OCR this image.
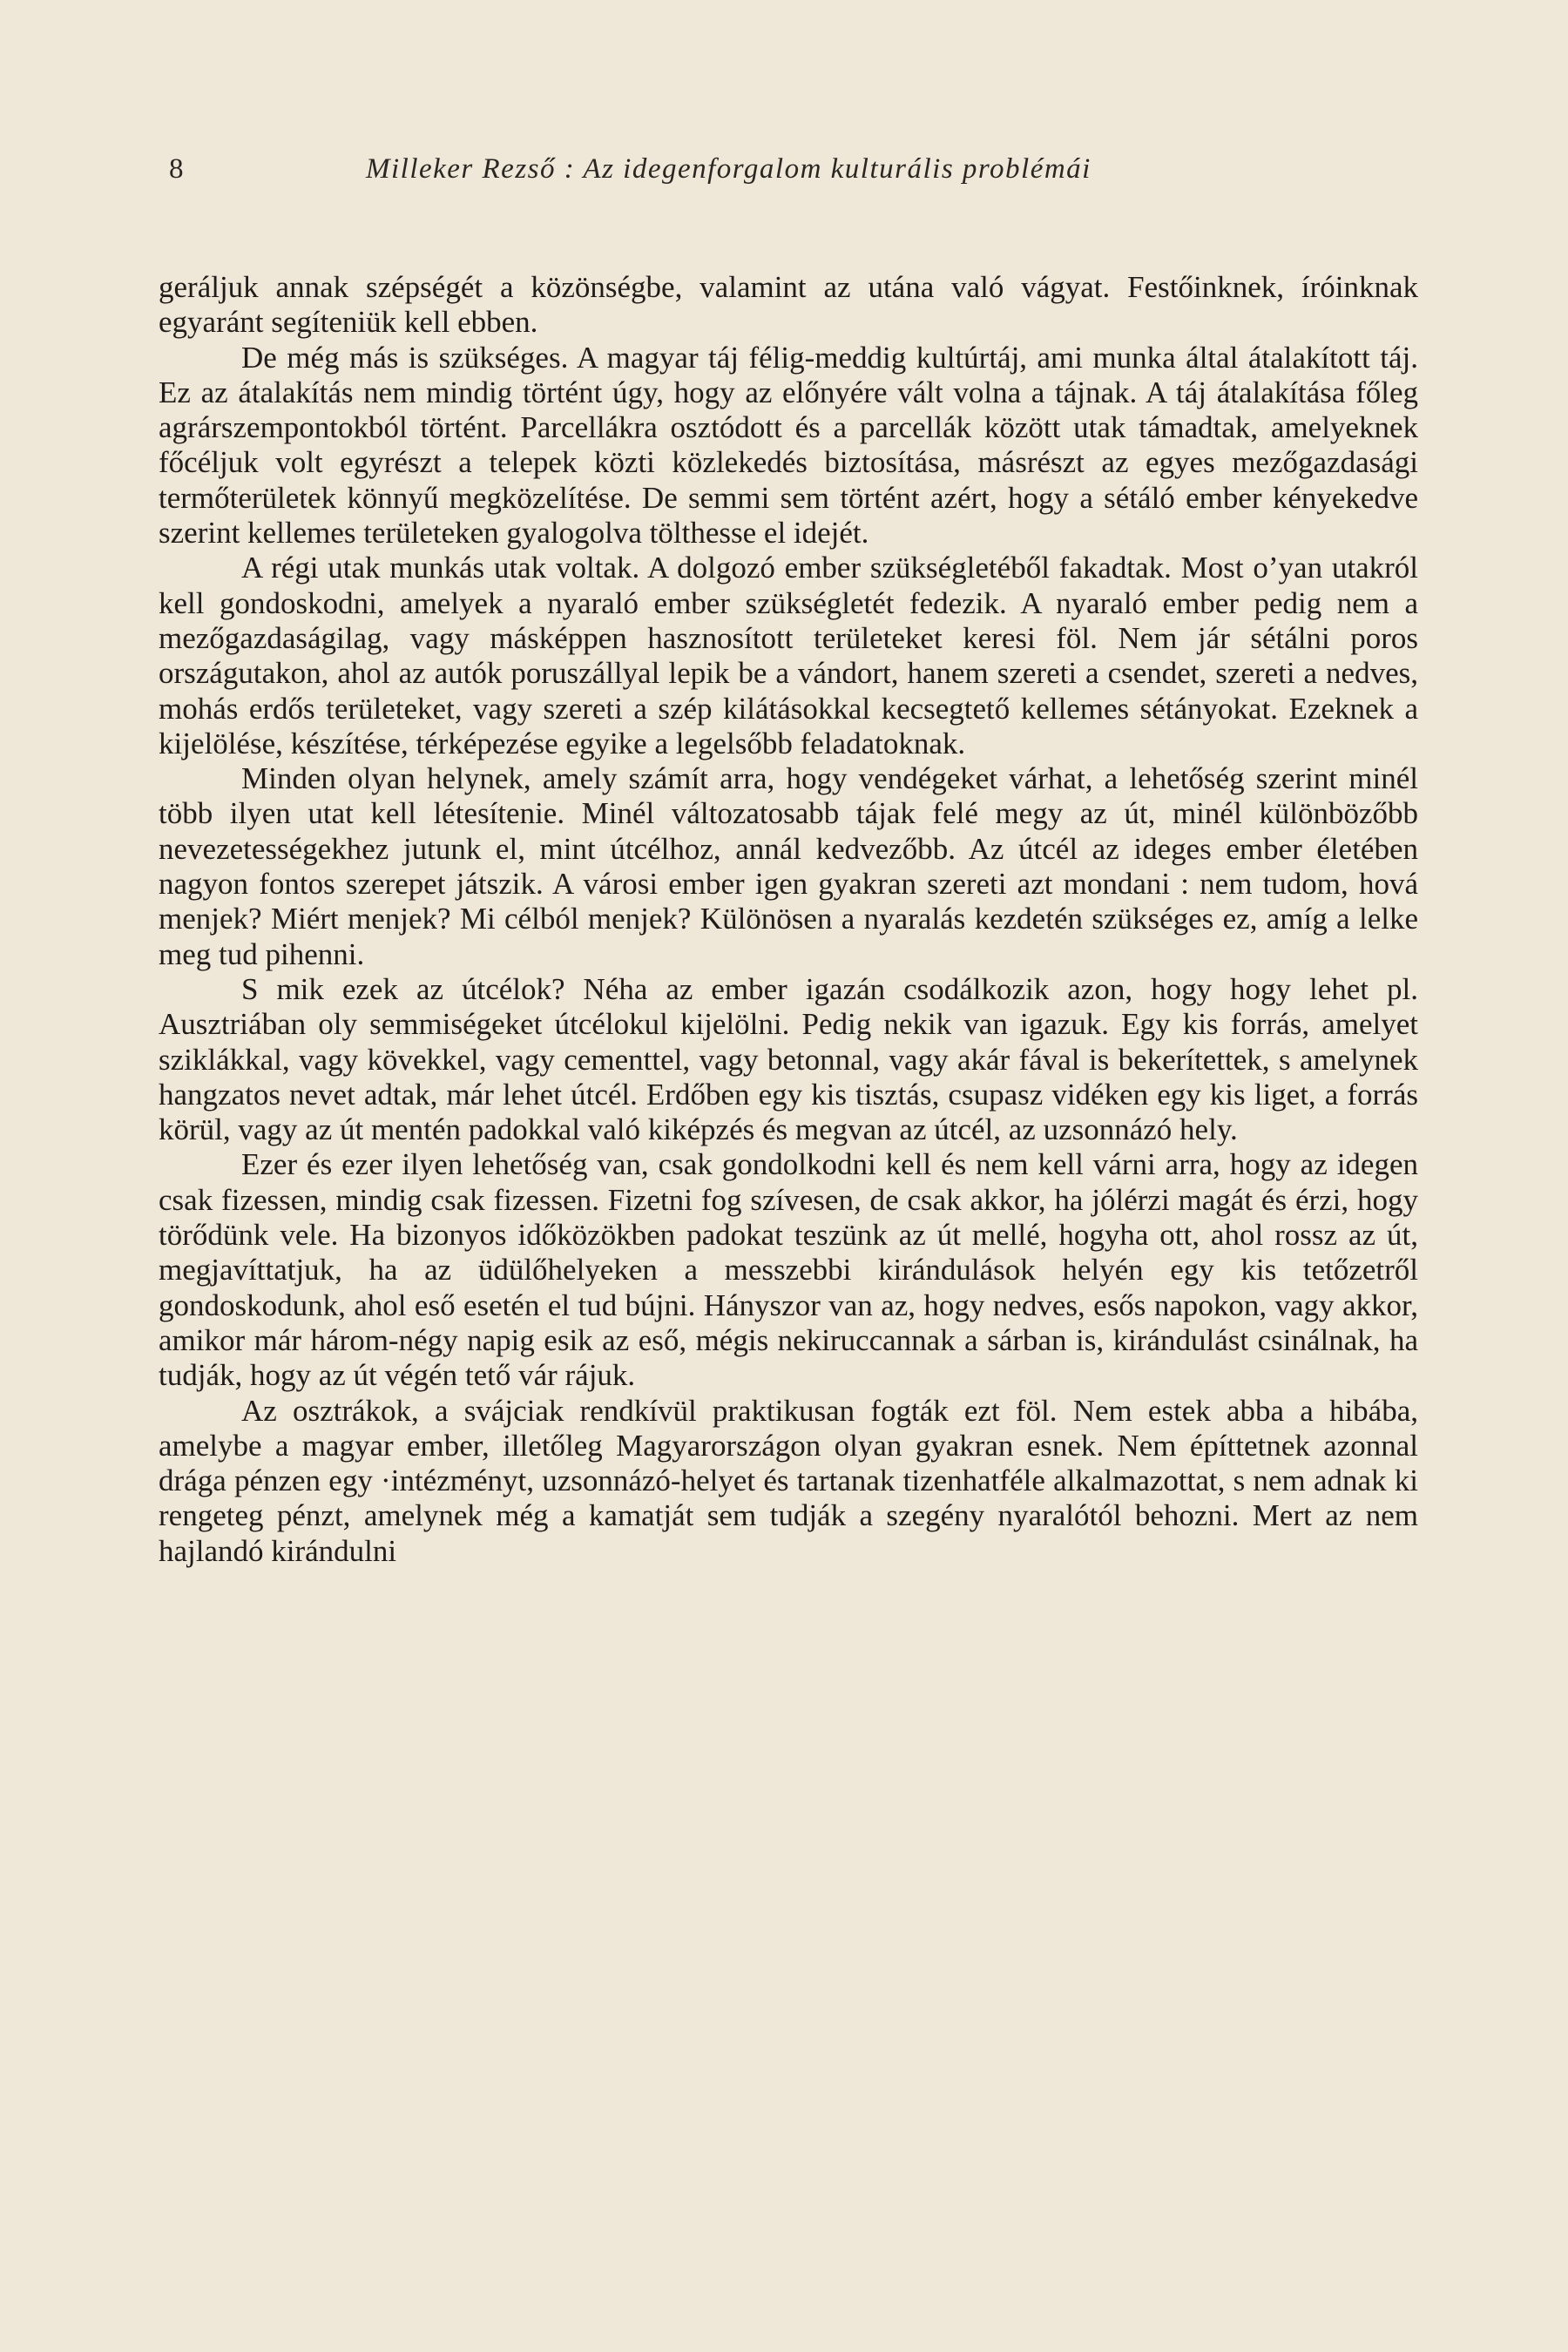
8	Milleker Rezső : Az idegenforgalom kulturális problémái

geráljuk annak szépségét a közönségbe, valamint az utána való vágyat. Festőinknek, íróinknak egyaránt segíteniük kell ebben.

De még más is szükséges. A magyar táj félig-meddig kultúrtáj, ami munka által átalakított táj. Ez az átalakítás nem mindig történt úgy, hogy az előnyére vált volna a tájnak. A táj átalakítása főleg agrárszempontokból történt. Parcellákra osztódott és a parcellák között utak támadtak, amelyeknek főcéljuk volt egyrészt a telepek közti közlekedés biztosítása, másrészt az egyes mezőgazdasági termőterületek könnyű megközelítése. De semmi sem történt azért, hogy a sétáló ember kényekedve szerint kellemes területeken gyalogolva tölthesse el idejét.

A régi utak munkás utak voltak. A dolgozó ember szükségletéből fakadtak. Most o’yan utakról kell gondoskodni, amelyek a nyaraló ember szükségletét fedezik. A nyaraló ember pedig nem a mezőgazdaságilag, vagy másképpen hasznosított területeket keresi föl. Nem jár sétálni poros országutakon, ahol az autók poruszállyal lepik be a vándort, hanem szereti a csendet, szereti a nedves, mohás erdős területeket, vagy szereti a szép kilátásokkal kecsegtető kellemes sétányokat. Ezeknek a kijelölése, készítése, térképezése egyike a legelsőbb feladatoknak.

Minden olyan helynek, amely számít arra, hogy vendégeket várhat, a lehetőség szerint minél több ilyen utat kell létesítenie. Minél változatosabb tájak felé megy az út, minél különbözőbb nevezetességekhez jutunk el, mint útcélhoz, annál kedvezőbb. Az útcél az ideges ember életében nagyon fontos szerepet játszik. A városi ember igen gyakran szereti azt mondani : nem tudom, hová menjek? Miért menjek? Mi célból menjek? Különösen a nyaralás kezdetén szükséges ez, amíg a lelke meg tud pihenni.

S mik ezek az útcélok? Néha az ember igazán csodálkozik azon, hogy hogy lehet pl. Ausztriában oly semmiségeket útcélokul kijelölni. Pedig nekik van igazuk. Egy kis forrás, amelyet sziklákkal, vagy kövekkel, vagy cementtel, vagy betonnal, vagy akár fával is bekerítettek, s amelynek hangzatos nevet adtak, már lehet útcél. Erdőben egy kis tisztás, csupasz vidéken egy kis liget, a forrás körül, vagy az út mentén padokkal való kiképzés és megvan az útcél, az uzsonnázó hely.

Ezer és ezer ilyen lehetőség van, csak gondolkodni kell és nem kell várni arra, hogy az idegen csak fizessen, mindig csak fizessen. Fizetni fog szívesen, de csak akkor, ha jólérzi magát és érzi, hogy törődünk vele. Ha bizonyos időközökben padokat teszünk az út mellé, hogyha ott, ahol rossz az út, megjavíttatjuk, ha az üdülőhelyeken a messzebbi kirándulások helyén egy kis tetőzetről gondoskodunk, ahol eső esetén el tud bújni. Hányszor van az, hogy nedves, esős napokon, vagy akkor, amikor már három-négy napig esik az eső, mégis nekiruccannak a sárban is, kirándulást csinálnak, ha tudják, hogy az út végén tető vár rájuk.

Az osztrákok, a svájciak rendkívül praktikusan fogták ezt föl. Nem estek abba a hibába, amelybe a magyar ember, illetőleg Magyarországon olyan gyakran esnek. Nem építtetnek azonnal drága pénzen egy ·intézményt, uzsonnázó-helyet és tartanak tizenhatféle alkalmazottat, s nem adnak ki rengeteg pénzt, amelynek még a kamatját sem tudják a szegény nyaralótól behozni. Mert az nem hajlandó kirándulni
